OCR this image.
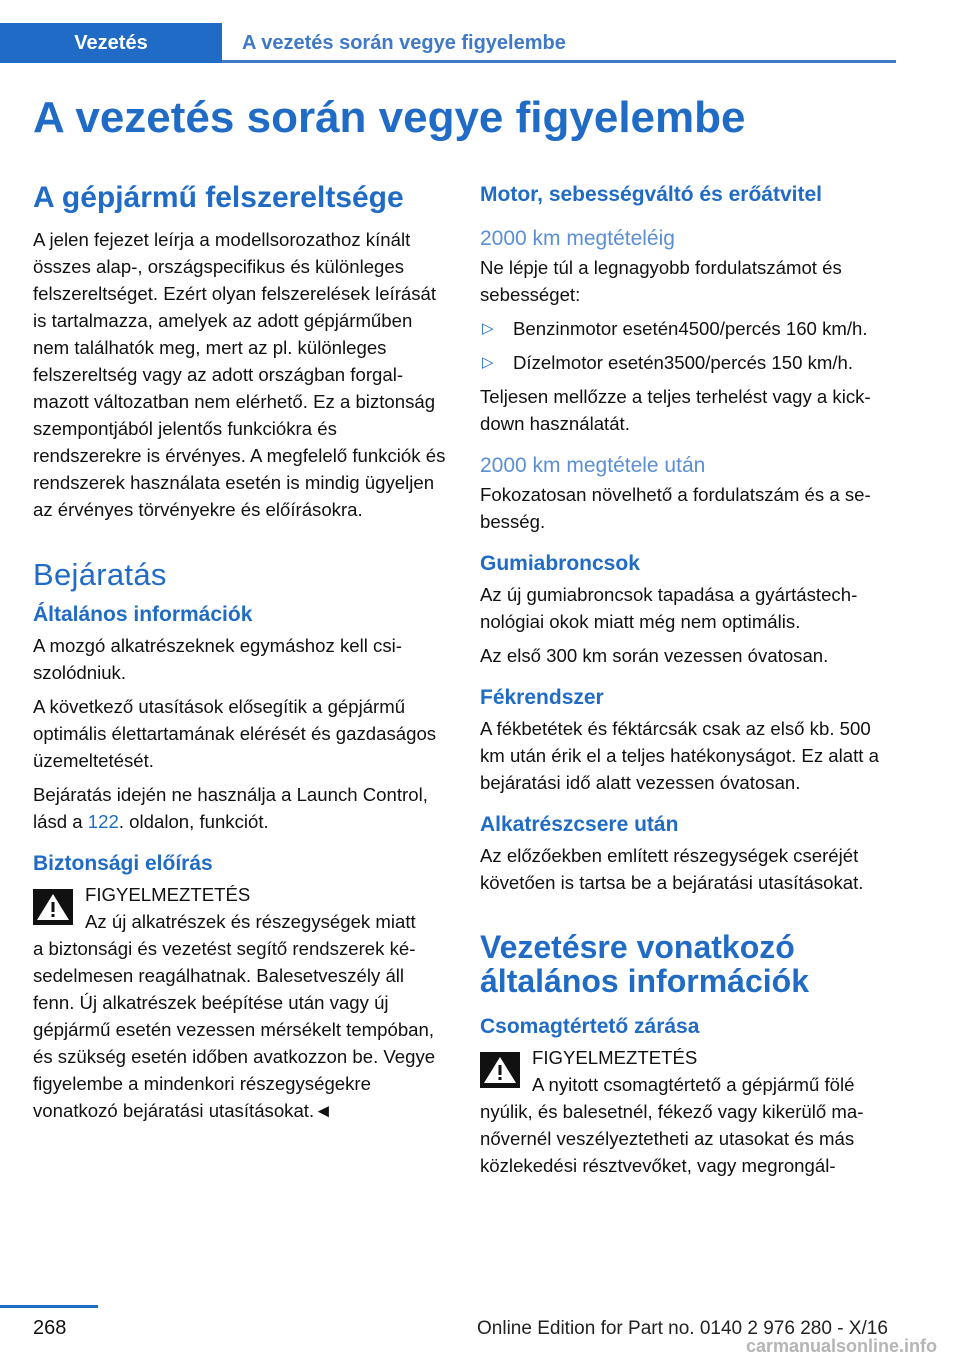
Vezetés	A vezetés során vegye figyelembe
A vezetés során vegye figyelembe
A gépjármű felszereltsége

A jelen fejezet leírja a modellsorozathoz kínált összes alap-, országspecifikus és különleges felszereltséget. Ezért olyan felszerelések leírását is tartalmazza, amelyek az adott gépjárműben nem találhatók meg, mert az pl. különleges felszereltség vagy az adott országban forgalmazott változatban nem elérhető. Ez a biztonság szempontjából jelentős funkciókra és rendszerekre is érvényes. A megfelelő funkciók és rendszerek használata esetén is mindig ügyeljen az érvényes törvényekre és előírásokra.

Bejáratás
Általános információk

A mozgó alkatrészeknek egymáshoz kell csiszolódniuk.

A következő utasítások elősegítik a gépjármű optimális élettartamának elérését és gazdaságos üzemeltetését.

Bejáratás idején ne használja a Launch Control, lásd a 122. oldalon, funkciót.

Biztonsági előírás

FIGYELMEZTETÉS

Az új alkatrészek és részegységek miatt

a biztonsági és vezetést segítő rendszerek késedelmesen reagálhatnak. Balesetveszély áll fenn. Új alkatrészek beépítése után vagy új gépjármű esetén vezessen mérsékelt tempóban, és szükség esetén időben avatkozzon be. Vegye figyelembe a mindenkori részegységekre vonatkozó bejáratási utasításokat.◄

Motor, sebességváltó és erőátvitel
2000 km megtételéig

Ne lépje túl a legnagyobb fordulatszámot és sebességet:

▷ Benzinmotor esetén4500/percés 160 km/h.
▷ Dízelmotor esetén3500/percés 150 km/h.

Teljesen mellőzze a teljes terhelést vagy a kick-down használatát.

2000 km megtétele után

Fokozatosan növelhető a fordulatszám és a sebesség.

Gumiabroncsok

Az új gumiabroncsok tapadása a gyártástechnológiai okok miatt még nem optimális.

Az első 300 km során vezessen óvatosan.

Fékrendszer

A fékbetétek és féktárcsák csak az első kb. 500 km után érik el a teljes hatékonyságot. Ez alatt a bejáratási idő alatt vezessen óvatosan.

Alkatrészcsere után

Az előzőekben említett részegységek cseréjét követően is tartsa be a bejáratási utasításokat.

Vezetésre vonatkozó általános információk
Csomagtértető zárása

FIGYELMEZTETÉS

A nyitott csomagtértető a gépjármű fölé

nyúlik, és balesetnél, fékező vagy kikerülő manővernél veszélyeztetheti az utasokat és más közlekedési résztvevőket, vagy megrongál-

268	Online Edition for Part no. 0140 2 976 280 - X/16
carmanualsonline.info
